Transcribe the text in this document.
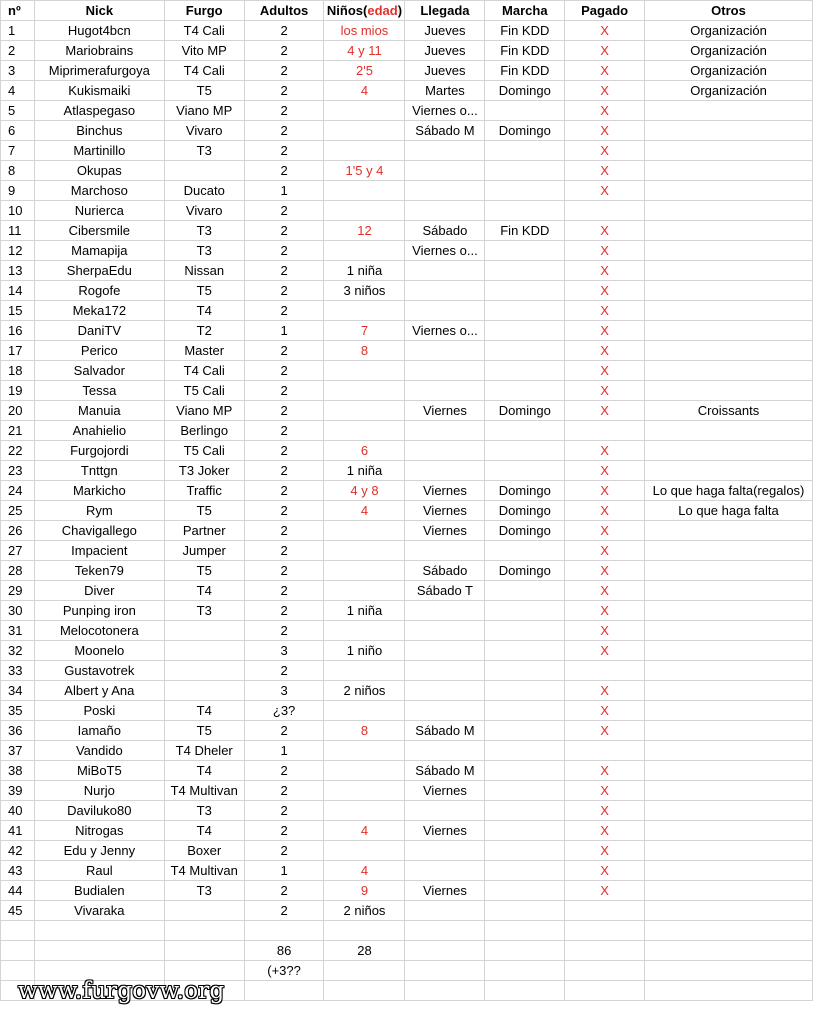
nº	Nick	Furgo	Adultos	Niños(edad)	Llegada	Marcha	Pagado	Otros
1	Hugot4bcn	T4 Cali	2	los mios	Jueves	Fin KDD	X	Organización
2	Mariobrains	Vito MP	2	4 y 11	Jueves	Fin KDD	X	Organización
3	Miprimerafurgoya	T4 Cali	2	2'5	Jueves	Fin KDD	X	Organización
4	Kukismaiki	T5	2	4	Martes	Domingo	X	Organización
5	Atlaspegaso	Viano MP	2		Viernes o...		X	
6	Binchus	Vivaro	2		Sábado M	Domingo	X	
7	Martinillo	T3	2				X	
8	Okupas		2	1'5 y 4			X	
9	Marchoso	Ducato	1				X	
10	Nurierca	Vivaro	2					
11	Cibersmile	T3	2	12	Sábado	Fin KDD	X	
12	Mamapija	T3	2		Viernes o...		X	
13	SherpaEdu	Nissan	2	1 niña			X	
14	Rogofe	T5	2	3 niños			X	
15	Meka172	T4	2				X	
16	DaniTV	T2	1	7	Viernes o...		X	
17	Perico	Master	2	8			X	
18	Salvador	T4 Cali	2				X	
19	Tessa	T5 Cali	2				X	
20	Manuia	Viano MP	2		Viernes	Domingo	X	Croissants
21	Anahielio	Berlingo	2					
22	Furgojordi	T5 Cali	2	6			X	
23	Tnttgn	T3 Joker	2	1 niña			X	
24	Markicho	Traffic	2	4 y 8	Viernes	Domingo	X	Lo que haga falta(regalos)
25	Rym	T5	2	4	Viernes	Domingo	X	Lo que haga falta
26	Chavigallego	Partner	2		Viernes	Domingo	X	
27	Impacient	Jumper	2				X	
28	Teken79	T5	2		Sábado	Domingo	X	
29	Diver	T4	2		Sábado T		X	
30	Punping iron	T3	2	1 niña			X	
31	Melocotonera		2				X	
32	Moonelo		3	1 niño			X	
33	Gustavotrek		2					
34	Albert y Ana		3	2 niños			X	
35	Poski	T4	¿3?				X	
36	Iamaño	T5	2	8	Sábado M		X	
37	Vandido	T4 Dheler	1					
38	MiBoT5	T4	2		Sábado M		X	
39	Nurjo	T4 Multivan	2		Viernes		X	
40	Daviluko80	T3	2				X	
41	Nitrogas	T4	2	4	Viernes		X	
42	Edu y Jenny	Boxer	2				X	
43	Raul	T4 Multivan	1	4			X	
44	Budialen	T3	2	9	Viernes		X	
45	Vivaraka		2	2 niños				

			86	28				
			(+3??					

www.furgovw.org
